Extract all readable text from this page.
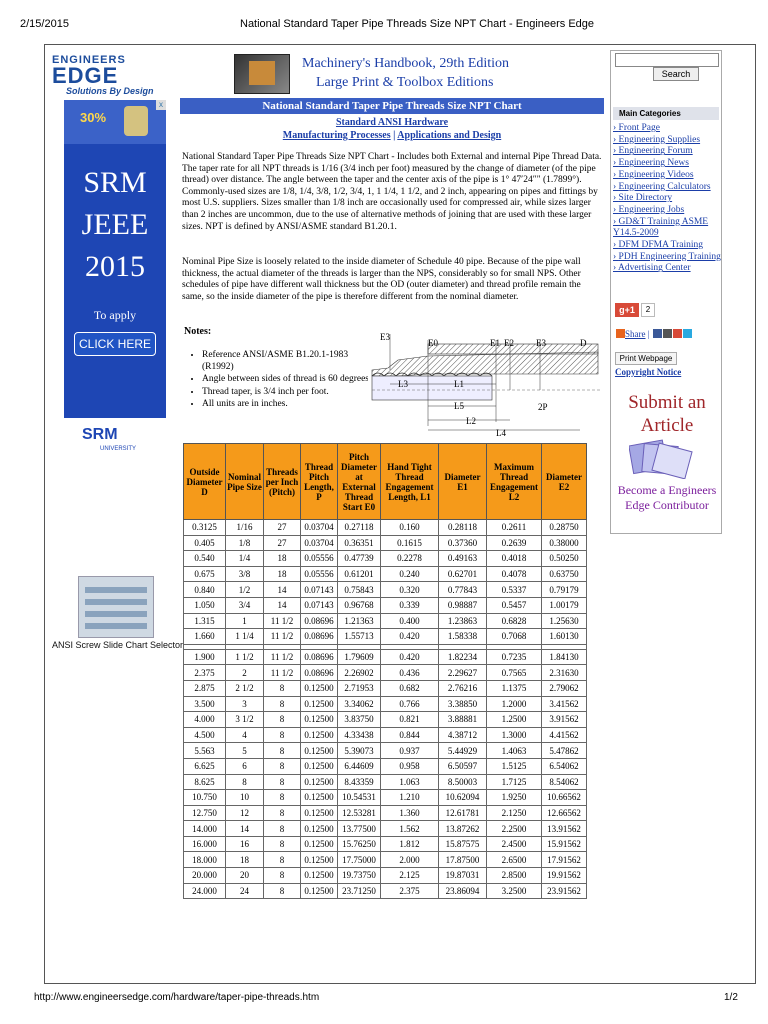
2/15/2015	National Standard Taper Pipe Threads Size NPT Chart - Engineers Edge
ENGINEERS
EDGE
Solutions By Design
Machinery's Handbook, 29th Edition
Large Print & Toolbox Editions
30%
x
SRM
JEEE
2015
To apply
CLICK HERE
SRM
UNIVERSITY
ANSI Screw Slide Chart Selector
National Standard Taper Pipe Threads Size NPT Chart
Standard ANSI Hardware
Manufacturing Processes | Applications and Design
National Standard Taper Pipe Threads Size NPT Chart - Includes both External and internal Pipe Thread Data. The taper rate for all NPT threads is 1/16 (3/4 inch per foot) measured by the change of diameter (of the pipe thread) over distance. The angle between the taper and the center axis of the pipe is 1° 47′24″" (1.7899°). Commonly-used sizes are 1/8, 1/4, 3/8, 1/2, 3/4, 1, 1 1/4, 1 1/2, and 2 inch, appearing on pipes and fittings by most U.S. suppliers. Sizes smaller than 1/8 inch are occasionally used for compressed air, while sizes larger than 2 inches are uncommon, due to the use of alternative methods of joining that are used with these larger sizes. NPT is defined by ANSI/ASME standard B1.20.1.
Nominal Pipe Size is loosely related to the inside diameter of Schedule 40 pipe. Because of the pipe wall thickness, the actual diameter of the threads is larger than the NPS, considerably so for small NPS. Other schedules of pipe have different wall thickness but the OD (outer diameter) and thread profile remain the same, so the inside diameter of the pipe is therefore different from the nominal diameter.
Notes:
• Reference ANSI/ASME B1.20.1-1983 (R1992)
• Angle between sides of thread is 60 degrees.
• Thread taper, is 3/4 inch per foot.
• All units are in inches.
E3
E0	E1 E2 E3	D
L3	L1
L5	2P
L2
L4
Outside Diameter D	Nominal Pipe Size	Threads per Inch (Pitch)	Thread Pitch Length, P	Pitch Diameter at External Thread Start E0	Hand Tight Thread Engagement Length, L1	Diameter E1	Maximum Thread Engagement L2	Diameter E2
0.3125	1/16	27	0.03704	0.27118	0.160	0.28118	0.2611	0.28750
0.405	1/8	27	0.03704	0.36351	0.1615	0.37360	0.2639	0.38000
0.540	1/4	18	0.05556	0.47739	0.2278	0.49163	0.4018	0.50250
0.675	3/8	18	0.05556	0.61201	0.240	0.62701	0.4078	0.63750
0.840	1/2	14	0.07143	0.75843	0.320	0.77843	0.5337	0.79179
1.050	3/4	14	0.07143	0.96768	0.339	0.98887	0.5457	1.00179
1.315	1	11 1/2	0.08696	1.21363	0.400	1.23863	0.6828	1.25630
1.660	1 1/4	11 1/2	0.08696	1.55713	0.420	1.58338	0.7068	1.60130

1.900	1 1/2	11 1/2	0.08696	1.79609	0.420	1.82234	0.7235	1.84130
2.375	2	11 1/2	0.08696	2.26902	0.436	2.29627	0.7565	2.31630
2.875	2 1/2	8	0.12500	2.71953	0.682	2.76216	1.1375	2.79062
3.500	3	8	0.12500	3.34062	0.766	3.38850	1.2000	3.41562
4.000	3 1/2	8	0.12500	3.83750	0.821	3.88881	1.2500	3.91562
4.500	4	8	0.12500	4.33438	0.844	4.38712	1.3000	4.41562
5.563	5	8	0.12500	5.39073	0.937	5.44929	1.4063	5.47862
6.625	6	8	0.12500	6.44609	0.958	6.50597	1.5125	6.54062
8.625	8	8	0.12500	8.43359	1.063	8.50003	1.7125	8.54062
10.750	10	8	0.12500	10.54531	1.210	10.62094	1.9250	10.66562
12.750	12	8	0.12500	12.53281	1.360	12.61781	2.1250	12.66562
14.000	14	8	0.12500	13.77500	1.562	13.87262	2.2500	13.91562
16.000	16	8	0.12500	15.76250	1.812	15.87575	2.4500	15.91562
18.000	18	8	0.12500	17.75000	2.000	17.87500	2.6500	17.91562
20.000	20	8	0.12500	19.73750	2.125	19.87031	2.8500	19.91562
24.000	24	8	0.12500	23.71250	2.375	23.86094	3.2500	23.91562
Search
Main Categories
› Front Page
› Engineering Supplies
› Engineering Forum
› Engineering News
› Engineering Videos
› Engineering Calculators
› Site Directory
› Engineering Jobs
› GD&T Training ASME Y14.5-2009
› DFM DFMA Training
› PDH Engineering Training
› Advertising Center
g+1	2
Share |
Print Webpage
Copyright Notice
Submit an Article
Become a Engineers Edge Contributor
http://www.engineersedge.com/hardware/taper-pipe-threads.htm	1/2
